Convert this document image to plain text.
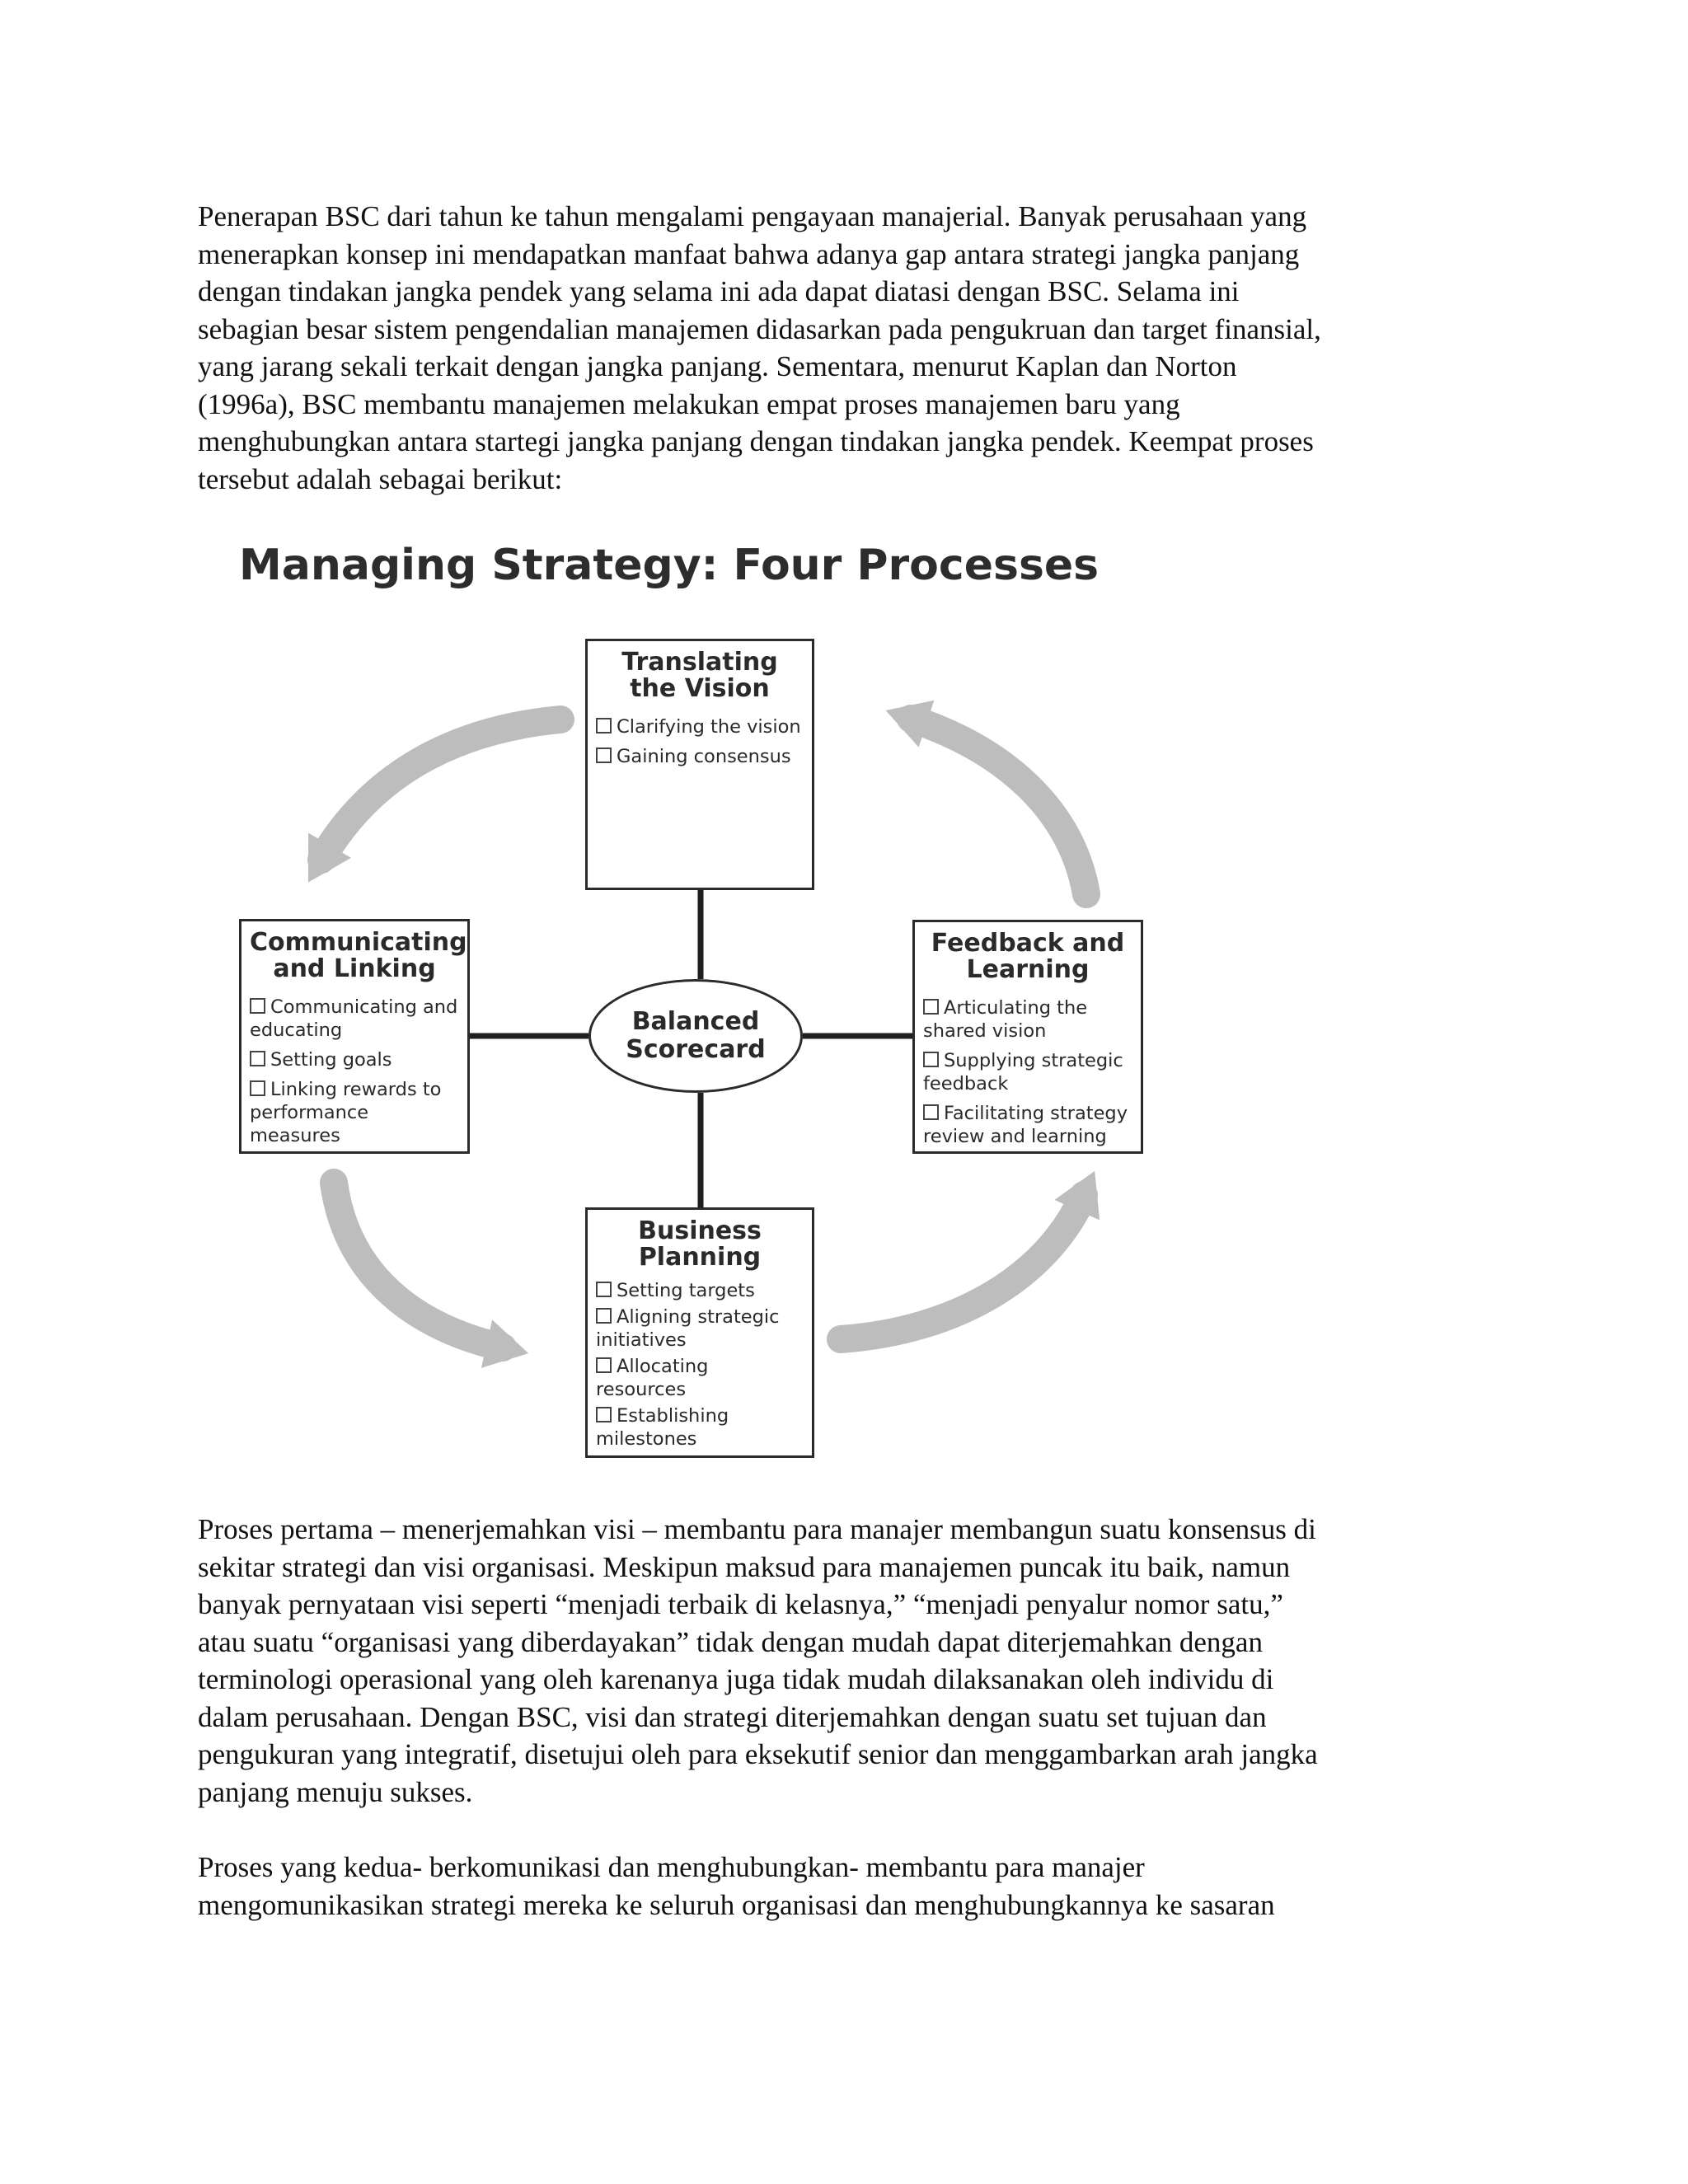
Penerapan BSC dari tahun ke tahun mengalami pengayaan manajerial. Banyak perusahaan yang
menerapkan konsep ini mendapatkan manfaat bahwa adanya gap antara strategi jangka panjang
dengan tindakan jangka pendek yang selama ini ada dapat diatasi dengan BSC. Selama ini
sebagian besar sistem pengendalian manajemen didasarkan pada pengukruan dan target finansial,
yang jarang sekali terkait dengan jangka panjang. Sementara, menurut Kaplan dan Norton
(1996a), BSC membantu manajemen melakukan empat proses manajemen baru yang
menghubungkan antara startegi jangka panjang dengan tindakan jangka pendek. Keempat proses
tersebut adalah sebagai berikut:
Managing Strategy: Four Processes
Translating the Vision
Clarifying the vision
Gaining consensus
Communicating and Linking
Communicating and educating
Setting goals
Linking rewards to performance measures
Feedback and Learning
Articulating the shared vision
Supplying strategic feedback
Facilitating strategy review and learning
Business Planning
Setting targets
Aligning strategic initiatives
Allocating resources
Establishing milestones
Balanced Scorecard
Proses pertama – menerjemahkan visi – membantu para manajer membangun suatu konsensus di
sekitar strategi dan visi organisasi. Meskipun maksud para manajemen puncak itu baik, namun
banyak pernyataan visi seperti “menjadi terbaik di kelasnya,” “menjadi penyalur nomor satu,”
atau suatu “organisasi yang diberdayakan” tidak dengan mudah dapat diterjemahkan dengan
terminologi operasional yang oleh karenanya juga tidak mudah dilaksanakan oleh individu di
dalam perusahaan. Dengan BSC, visi dan strategi diterjemahkan dengan suatu set tujuan dan
pengukuran yang integratif, disetujui oleh para eksekutif senior dan menggambarkan arah jangka
panjang menuju sukses.
Proses yang kedua- berkomunikasi dan menghubungkan- membantu para manajer
mengomunikasikan strategi mereka ke seluruh organisasi dan menghubungkannya ke sasaran
